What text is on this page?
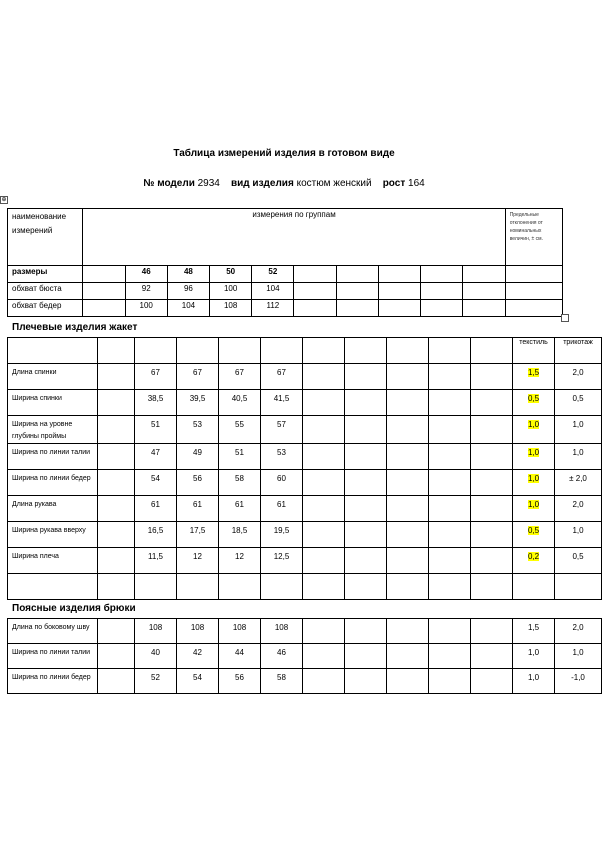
Таблица измерений изделия в готовом виде
№ модели 2934 вид изделия костюм женский рост 164
⊕
наименование измерений	измерения по группам										Предельные отклонения от номинальных величин, ± см.
размеры		46	48	50	52						
обхват бюста		92	96	100	104						
обхват бедер		100	104	108	112						
Плечевые изделия жакет
											текстиль	трикотаж
Длина спинки		67	67	67	67						1,5	2,0
Ширина спинки		38,5	39,5	40,5	41,5						0,5	0,5
Ширина на уровне глубины проймы		51	53	55	57						1,0	1,0
Ширина по линии талии		47	49	51	53						1,0	1,0
Ширина по линии бедер		54	56	58	60						1,0	± 2,0
Длина рукава		61	61	61	61						1,0	2,0
Ширина рукава вверху		16,5	17,5	18,5	19,5						0,5	1,0
Ширина плеча		11,5	12	12	12,5						0,2	0,5

Поясные изделия брюки
Длина по боковому шву		108	108	108	108						1,5	2,0
Ширина по линии талии		40	42	44	46						1,0	1,0
Ширина по линии бедер		52	54	56	58						1,0	-1,0
